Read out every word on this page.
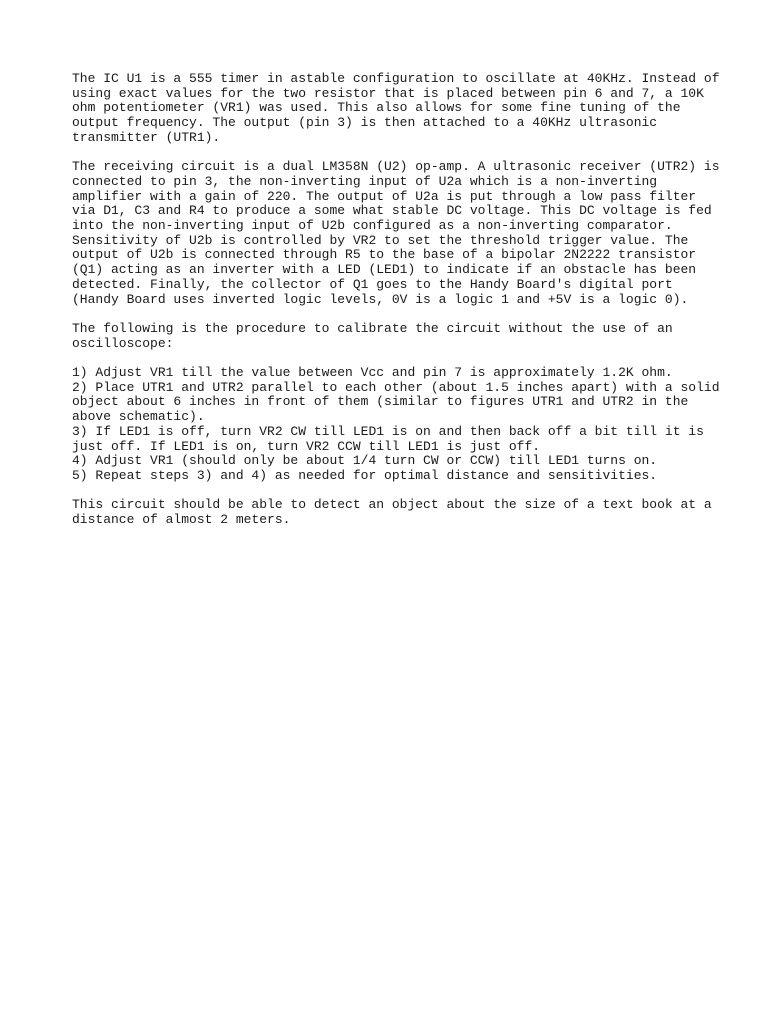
The IC U1 is a 555 timer in astable configuration to oscillate at 40KHz. Instead of
using exact values for the two resistor that is placed between pin 6 and 7, a 10K
ohm potentiometer (VR1) was used. This also allows for some fine tuning of the
output frequency. The output (pin 3) is then attached to a 40KHz ultrasonic
transmitter (UTR1).

The receiving circuit is a dual LM358N (U2) op-amp. A ultrasonic receiver (UTR2) is
connected to pin 3, the non-inverting input of U2a which is a non-inverting
amplifier with a gain of 220. The output of U2a is put through a low pass filter
via D1, C3 and R4 to produce a some what stable DC voltage. This DC voltage is fed
into the non-inverting input of U2b configured as a non-inverting comparator.
Sensitivity of U2b is controlled by VR2 to set the threshold trigger value. The
output of U2b is connected through R5 to the base of a bipolar 2N2222 transistor
(Q1) acting as an inverter with a LED (LED1) to indicate if an obstacle has been
detected. Finally, the collector of Q1 goes to the Handy Board's digital port
(Handy Board uses inverted logic levels, 0V is a logic 1 and +5V is a logic 0).

The following is the procedure to calibrate the circuit without the use of an
oscilloscope:

1) Adjust VR1 till the value between Vcc and pin 7 is approximately 1.2K ohm.
2) Place UTR1 and UTR2 parallel to each other (about 1.5 inches apart) with a solid
object about 6 inches in front of them (similar to figures UTR1 and UTR2 in the
above schematic).
3) If LED1 is off, turn VR2 CW till LED1 is on and then back off a bit till it is
just off. If LED1 is on, turn VR2 CCW till LED1 is just off.
4) Adjust VR1 (should only be about 1/4 turn CW or CCW) till LED1 turns on.
5) Repeat steps 3) and 4) as needed for optimal distance and sensitivities.

This circuit should be able to detect an object about the size of a text book at a
distance of almost 2 meters.
